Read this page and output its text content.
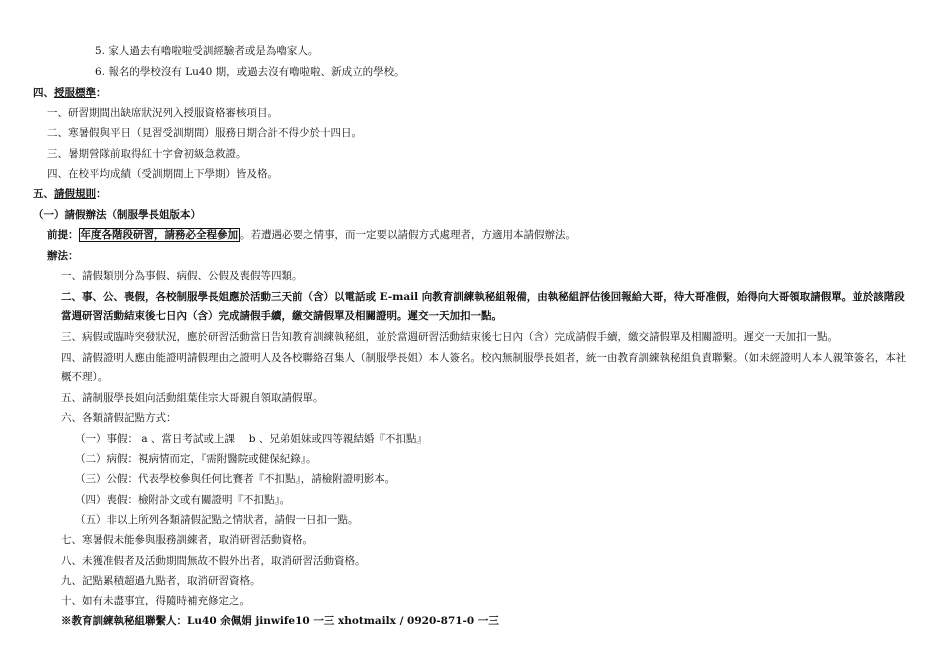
5. 家人過去有嚕啦啦受訓經驗者或是為嚕家人。
6. 報名的學校沒有 Lu40 期，或過去沒有嚕啦啦、新成立的學校。
四、授服標準：
一、研習期間出缺席狀況列入授服資格審核項目。
二、寒暑假與平日（見習受訓期間）服務日期合計不得少於十四日。
三、暑期營隊前取得紅十字會初級急救證。
四、在校平均成績（受訓期間上下學期）皆及格。
五、請假規則：
（一）請假辦法（制服學長姐版本）
前提： 年度各階段研習，請務必全程參加 。若遭遇必要之情事，而一定要以請假方式處理者，方適用本請假辦法。
辦法：
一、請假類別分為事假、病假、公假及喪假等四類。
二、事、公、喪假，各校制服學長姐應於活動三天前（含）以電話或 E-mail 向教育訓練執秘組報備，由執秘組評估後回報給大哥，待大哥准假，始得向大哥領取請假單。並於該階段當週研習活動結束後七日內（含）完成請假手續，繳交請假單及相關證明。遲交一天加扣一點。
三、病假或臨時突發狀況，應於研習活動當日告知教育訓練執秘組，並於當週研習活動結束後七日內（含）完成請假手續，繳交請假單及相關證明。遲交一天加扣一點。
四、請假證明人應由能證明請假理由之證明人及各校聯絡召集人（制服學長姐）本人簽名。校內無制服學長姐者，統一由教育訓練執秘組負責聯繫。（如未經證明人本人親筆簽名，本社概不理）。
五、請制服學長姐向活動組葉佳宗大哥親自領取請假單。
六、各類請假記點方式：
（一）事假： a 、當日考試或上課　 b 、兄弟姐妹或四等親結婚『不扣點』
（二）病假：視病情而定，『需附醫院或健保紀錄』。
（三）公假：代表學校參與任何比賽者『不扣點』，請檢附證明影本。
（四）喪假：檢附訃文或有關證明『不扣點』。
（五）非以上所列各類請假記點之情狀者，請假一日扣一點。
七、寒暑假未能參與服務訓練者，取消研習活動資格。
八、未獲准假者及活動期間無故不假外出者，取消研習活動資格。
九、記點累積超過九點者，取消研習資格。
十、如有未盡事宜，得隨時補充修定之。
※教育訓練執秘組聯繫人：Lu40 余佩娟 jinwife10 一三 xhotmailx / 0920-871-0 一三
